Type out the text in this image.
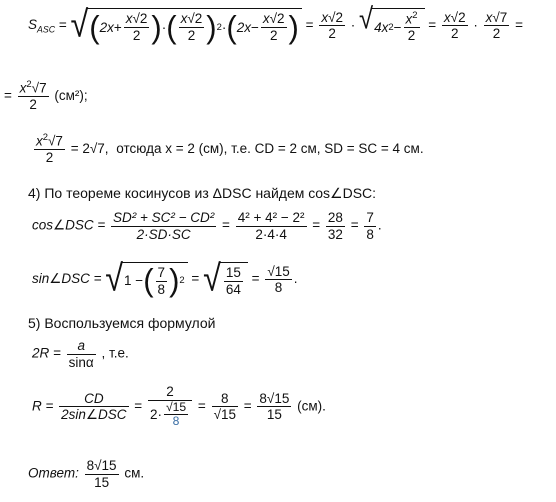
$S_{ASC}$ = √ ( $2x + \frac{x√2}{2}$ ) · ( $\frac{x√2}{2}$ ) 2 · ( $2x - \frac{x√2}{2}$ ) = $\frac{x√2}{2}$ · √ 4x $2 - \frac{x^2}{2} = \frac{x√2}{2} \cdot \frac{x√7}{2}$ =
= $\frac{x^2√7}{2} (см^2)$;
$\frac{x^2√7}{2} = 2√7$, отсюда x = 2 (см), т.е. CD = 2 см, SD = SC = 4 см.
4) По теореме косинусов из ΔDSC найдем cos∠DSC:
cos∠DSC = $\frac{\text{SD² + SC² − CD²}}{2\cdot SD\cdot SC} = \frac{\text{4² + 4² − 2²}}{2\cdot 4\cdot 4} = \frac{28}{32} = \frac{7}{8}$ .
sin∠DSC = √ 1 − ( $\frac{7}{8}$ ) 2 = √ $\frac{15}{64} = \frac{√15}{8}$ .
5) Воспользуемся формулой
$2R = \frac{a}{\sin\alpha}$ , т.е.
$R = \frac{CD}{\text{2sin∠DSC}} = \frac{2}{2\cdot \frac{√15}{8}} = \frac{8}{√15} = \frac{8√15}{15} (см)$.
Ответ: $\frac{8√15}{15}$ см.
